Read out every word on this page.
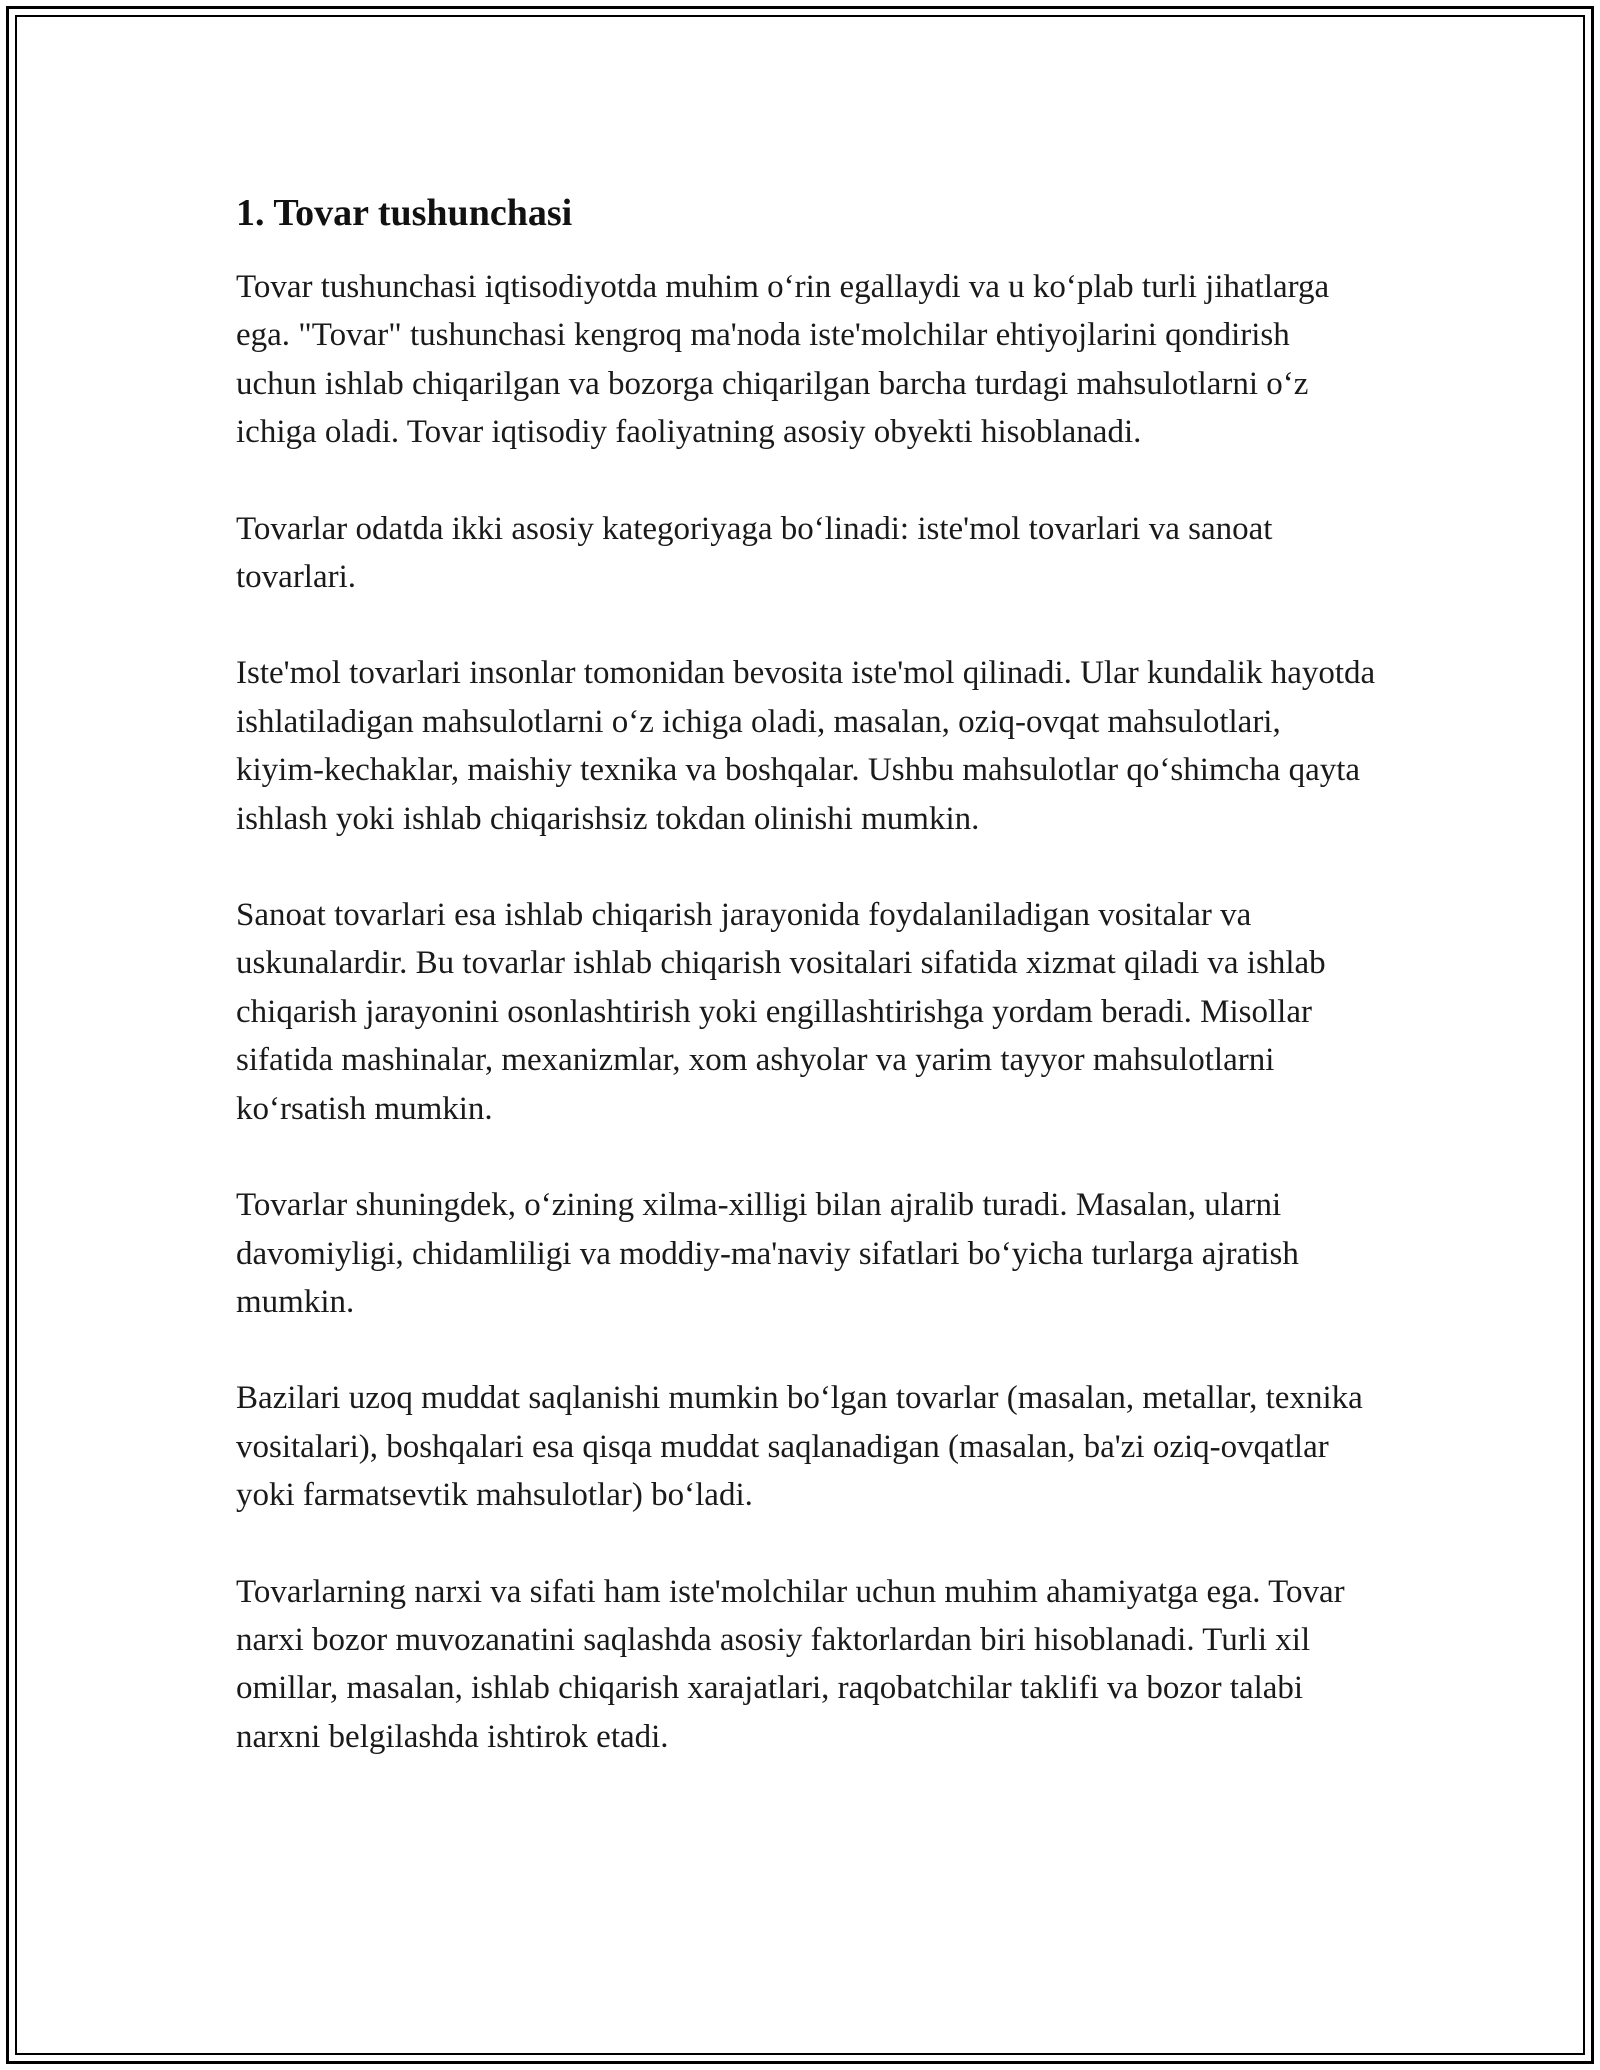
1. Tovar tushunchasi

Tovar tushunchasi iqtisodiyotda muhim o‘rin egallaydi va u ko‘plab turli jihatlarga ega. "Tovar" tushunchasi kengroq ma'noda iste'molchilar ehtiyojlarini qondirish uchun ishlab chiqarilgan va bozorga chiqarilgan barcha turdagi mahsulotlarni o‘z ichiga oladi. Tovar iqtisodiy faoliyatning asosiy obyekti hisoblanadi.

Tovarlar odatda ikki asosiy kategoriyaga bo‘linadi: iste'mol tovarlari va sanoat tovarlari.

Iste'mol tovarlari insonlar tomonidan bevosita iste'mol qilinadi. Ular kundalik hayotda ishlatiladigan mahsulotlarni o‘z ichiga oladi, masalan, oziq-ovqat mahsulotlari, kiyim-kechaklar, maishiy texnika va boshqalar. Ushbu mahsulotlar qo‘shimcha qayta ishlash yoki ishlab chiqarishsiz tokdan olinishi mumkin.

Sanoat tovarlari esa ishlab chiqarish jarayonida foydalaniladigan vositalar va uskunalardir. Bu tovarlar ishlab chiqarish vositalari sifatida xizmat qiladi va ishlab chiqarish jarayonini osonlashtirish yoki engillashtirishga yordam beradi. Misollar sifatida mashinalar, mexanizmlar, xom ashyolar va yarim tayyor mahsulotlarni ko‘rsatish mumkin.

Tovarlar shuningdek, o‘zining xilma-xilligi bilan ajralib turadi. Masalan, ularni davomiyligi, chidamliligi va moddiy-ma'naviy sifatlari bo‘yicha turlarga ajratish mumkin.

Bazilari uzoq muddat saqlanishi mumkin bo‘lgan tovarlar (masalan, metallar, texnika vositalari), boshqalari esa qisqa muddat saqlanadigan (masalan, ba'zi oziq-ovqatlar yoki farmatsevtik mahsulotlar) bo‘ladi.

Tovarlarning narxi va sifati ham iste'molchilar uchun muhim ahamiyatga ega. Tovar narxi bozor muvozanatini saqlashda asosiy faktorlardan biri hisoblanadi. Turli xil omillar, masalan, ishlab chiqarish xarajatlari, raqobatchilar taklifi va bozor talabi narxni belgilashda ishtirok etadi.
